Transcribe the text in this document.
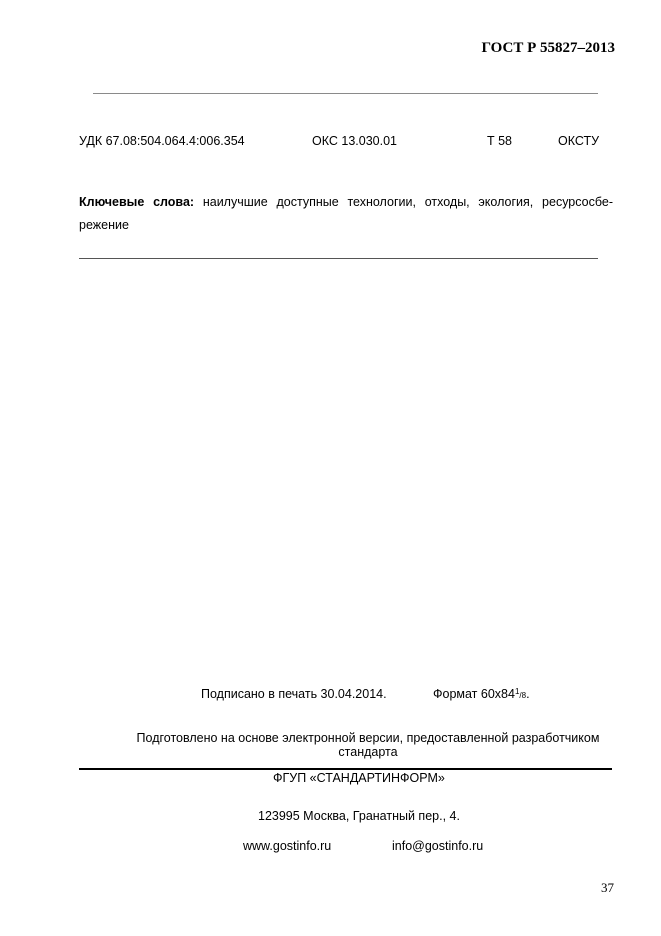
ГОСТ Р 55827–2013
УДК 67.08:504.064.4:006.354	ОКС 13.030.01	Т 58	ОКСТУ
Ключевые слова: наилучшие доступные технологии, отходы, экология, ресурсосбе-режение
Подписано в печать 30.04.2014.	Формат $60х84^1/8$.
Подготовлено на основе электронной версии, предоставленной разработчиком стандарта
ФГУП «СТАНДАРТИНФОРМ»
123995 Москва, Гранатный пер., 4.
www.gostinfo.ru	info@gostinfo.ru
37
